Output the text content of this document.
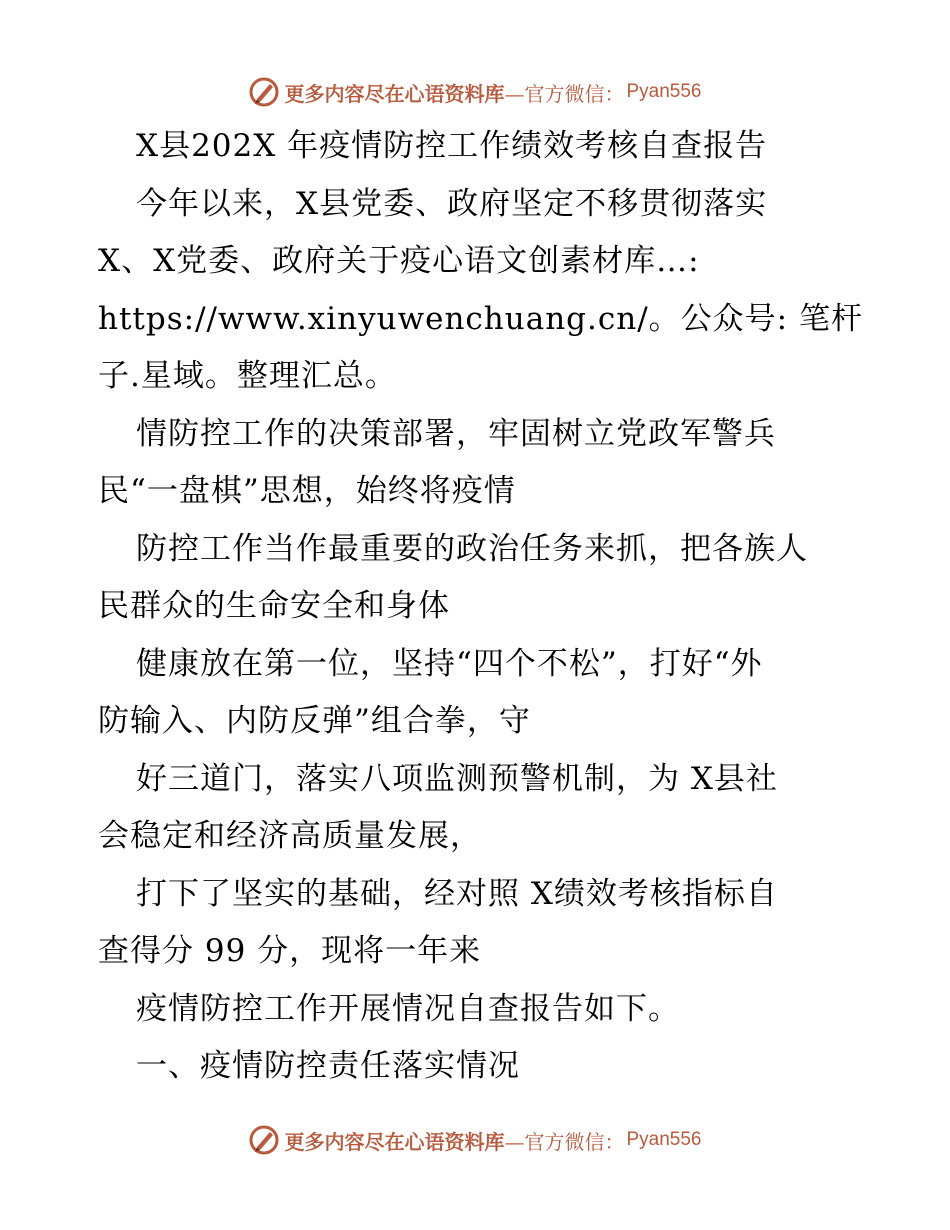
更多内容尽在心语资料库 —官方微信： Pyan556
X县202X 年疫情防控工作绩效考核自查报告
今年以来，X县党委、政府坚定不移贯彻落实
X、X党委、政府关于疫心语文创素材库…:
https://www.xinyuwenchuang.cn/。公众号: 笔杆
子.星域。整理汇总。
情防控工作的决策部署，牢固树立党政军警兵
民“一盘棋”思想，始终将疫情
防控工作当作最重要的政治任务来抓，把各族人
民群众的生命安全和身体
健康放在第一位，坚持“四个不松”，打好“外
防输入、内防反弹”组合拳，守
好三道门，落实八项监测预警机制，为 X县社
会稳定和经济高质量发展，
打下了坚实的基础，经对照 X绩效考核指标自
查得分 99 分，现将一年来
疫情防控工作开展情况自查报告如下。
一、疫情防控责任落实情况
更多内容尽在心语资料库 —官方微信： Pyan556
